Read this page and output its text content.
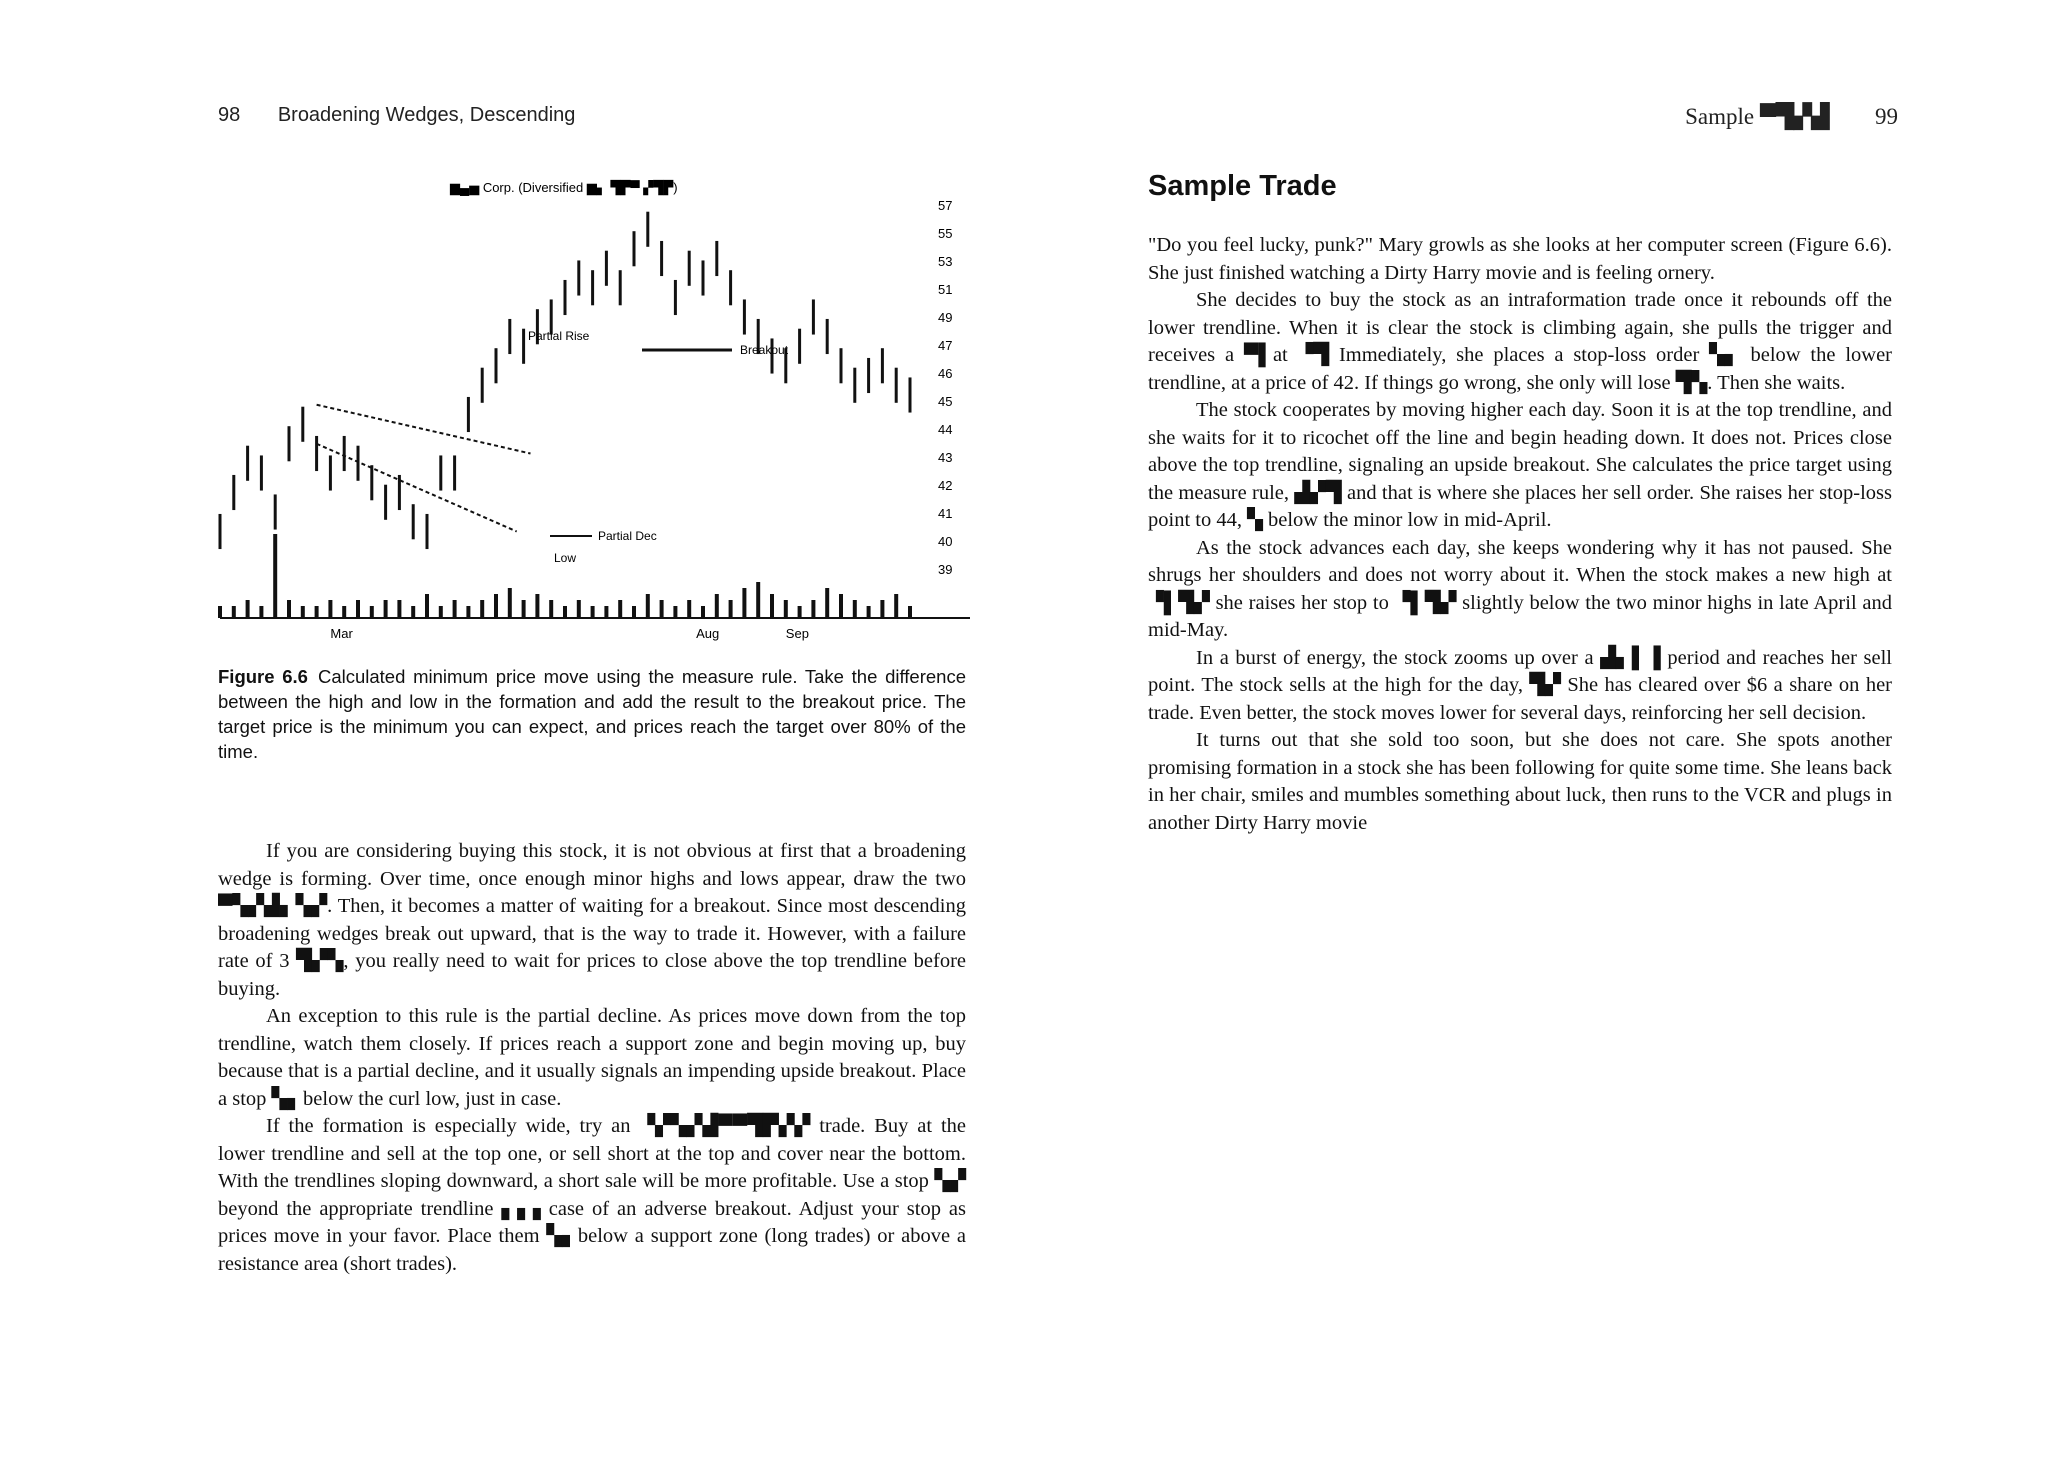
98 Broadening Wedges, Descending
▆▄▅ Corp. (Diversified ▆▖ ▜▛▀ ▞▜▛)
Mar	Aug	Sep
57
55
53
51
49
47
46
45
44
43
42
41
40
39
Breakout
Partial Rise
Partial Dec
Low
Figure 6.6 Calculated minimum price move using the measure rule. Take the difference between the high and low in the formation and add the result to the breakout price. The target price is the minimum you can expect, and prices reach the target over 80% of the time.

If you are considering buying this stock, it is not obvious at first that a broadening wedge is forming. Over time, once enough minor highs and lows appear, draw the two ▀▚▞▟▖▚▞. Then, it becomes a matter of waiting for a breakout. Since most descending broadening wedges break out upward, that is the way to trade it. However, with a failure rate of 3 ▜▞▚, you really need to wait for prices to close above the top trendline before buying.

An exception to this rule is the partial decline. As prices move down from the top trendline, watch them closely. If prices reach a support zone and begin moving up, buy because that is a partial decline, and it usually signals an impending upside breakout. Place a stop ▚▖below the curl low, just in case.

If the formation is especially wide, try an ▝▞▚▞▟▀▀▜▛▞▞ trade. Buy at the lower trendline and sell at the top one, or sell short at the top and cover near the bottom. With the trendlines sloping downward, a short sale will be more profitable. Use a stop ▚▞ beyond the appropriate trendline ▖▖▖case of an adverse breakout. Adjust your stop as prices move in your favor. Place them ▚▖below a support zone (long trades) or above a resistance area (short trades).

Sample ▀▜▞▟ 99
Sample Trade

"Do you feel lucky, punk?" Mary growls as she looks at her computer screen (Figure 6.6). She just finished watching a Dirty Harry movie and is feeling ornery.

She decides to buy the stock as an intraformation trade once it rebounds off the lower trendline. When it is clear the stock is climbing again, she pulls the trigger and receives a ▀▌at ▝▜ Immediately, she places a stop-loss order ▚▖ below the lower trendline, at a price of 42. If things go wrong, she only will lose ▜▚. Then she waits.

The stock cooperates by moving higher each day. Soon it is at the top trendline, and she waits for it to ricochet off the line and begin heading down. It does not. Prices close above the top trendline, signaling an upside breakout. She calculates the price target using the measure rule, ▟▞▜ and that is where she places her sell order. She raises her stop-loss point to 44, ▚ below the minor low in mid-April.

As the stock advances each day, she keeps wondering why it has not paused. She shrugs her shoulders and does not worry about it. When the stock makes a new high at ▝▌▜▞ she raises her stop to ▝▌▜▞ slightly below the two minor highs in late April and mid-May.

In a burst of energy, the stock zooms up over a ▟▖▌▐ period and reaches her sell point. The stock sells at the high for the day, ▜▞ She has cleared over $6 a share on her trade. Even better, the stock moves lower for several days, reinforcing her sell decision.

It turns out that she sold too soon, but she does not care. She spots another promising formation in a stock she has been following for quite some time. She leans back in her chair, smiles and mumbles something about luck, then runs to the VCR and plugs in another Dirty Harry movie
